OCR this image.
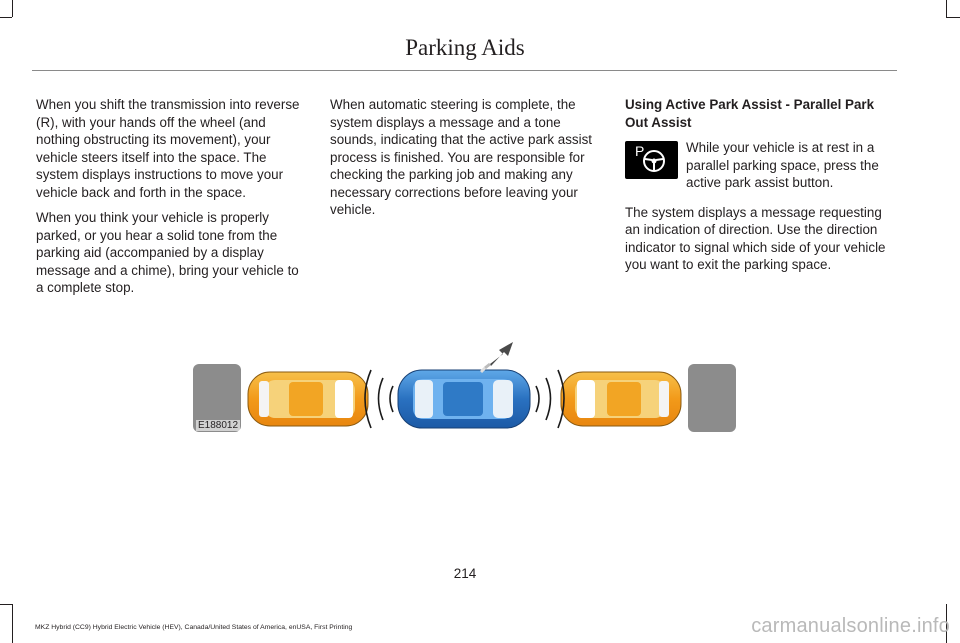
Parking Aids

When you shift the transmission into reverse (R), with your hands off the wheel (and nothing obstructing its movement), your vehicle steers itself into the space. The system displays instructions to move your vehicle back and forth in the space.

When you think your vehicle is properly parked, or you hear a solid tone from the parking aid (accompanied by a display message and a chime), bring your vehicle to a complete stop.

When automatic steering is complete, the system displays a message and a tone sounds, indicating that the active park assist process is finished. You are responsible for checking the parking job and making any necessary corrections before leaving your vehicle.

Using Active Park Assist - Parallel Park Out Assist

P	While your vehicle is at rest in a parallel parking space, press the active park assist button.

The system displays a message requesting an indication of direction. Use the direction indicator to signal which side of your vehicle you want to exit the parking space.

E188012
214
MKZ Hybrid (CC9) Hybrid Electric Vehicle (HEV), Canada/United States of America, enUSA, First Printing	carmanualsonline.info
